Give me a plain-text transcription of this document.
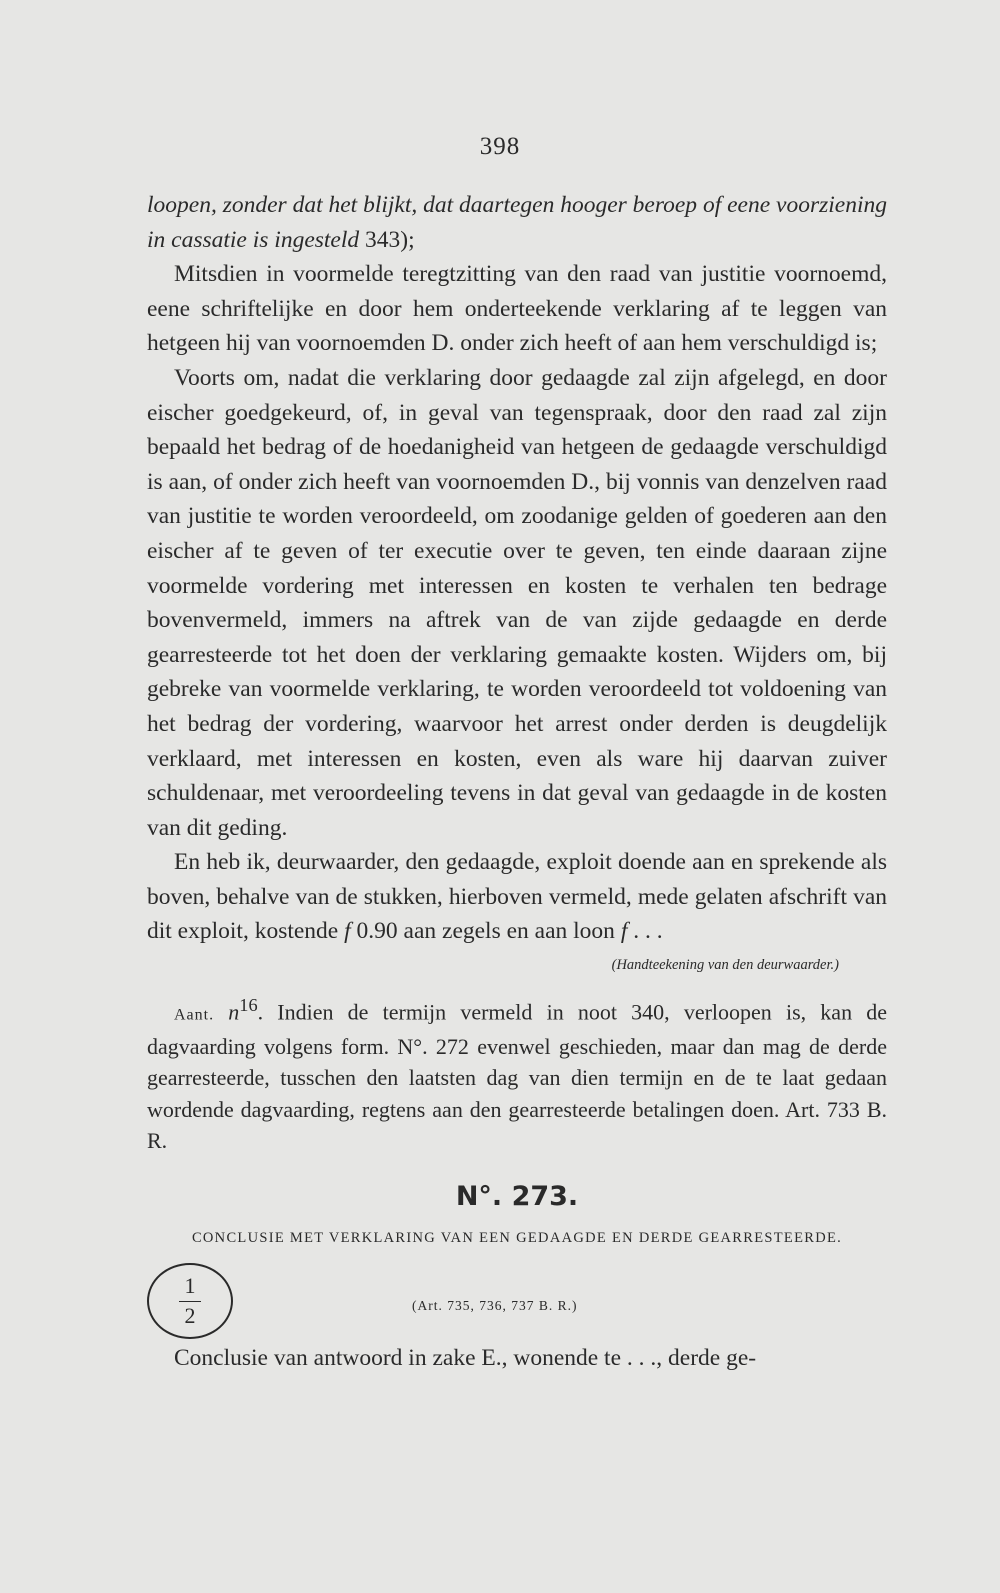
398

loopen, zonder dat het blijkt, dat daartegen hooger beroep of eene voorziening in cassatie is ingesteld 343);

Mitsdien in voormelde teregtzitting van den raad van justitie voornoemd, eene schriftelijke en door hem onderteekende verklaring af te leggen van hetgeen hij van voornoemden D. onder zich heeft of aan hem verschuldigd is;

Voorts om, nadat die verklaring door gedaagde zal zijn afgelegd, en door eischer goedgekeurd, of, in geval van tegenspraak, door den raad zal zijn bepaald het bedrag of de hoedanigheid van hetgeen de gedaagde verschuldigd is aan, of onder zich heeft van voornoemden D., bij vonnis van denzelven raad van justitie te worden veroordeeld, om zoodanige gelden of goederen aan den eischer af te geven of ter executie over te geven, ten einde daaraan zijne voormelde vordering met interessen en kosten te verhalen ten bedrage bovenvermeld, immers na aftrek van de van zijde gedaagde en derde gearresteerde tot het doen der verklaring gemaakte kosten. Wijders om, bij gebreke van voormelde verklaring, te worden veroordeeld tot voldoening van het bedrag der vordering, waarvoor het arrest onder derden is deugdelijk verklaard, met interessen en kosten, even als ware hij daarvan zuiver schuldenaar, met veroordeeling tevens in dat geval van gedaagde in de kosten van dit geding.

En heb ik, deurwaarder, den gedaagde, exploit doende aan en sprekende als boven, behalve van de stukken, hierboven vermeld, mede gelaten afschrift van dit exploit, kostende f 0.90 aan zegels en aan loon f . . .

(Handteekening van den deurwaarder.)

Aant. $n^{16}$. Indien de termijn vermeld in noot 340, verloopen is, kan de dagvaarding volgens form. N°. 272 evenwel geschieden, maar dan mag de derde gearresteerde, tusschen den laatsten dag van dien termijn en de te laat gedaan wordende dagvaarding, regtens aan den gearresteerde betalingen doen. Art. 733 B. R.

N°. 273.
CONCLUSIE MET VERKLARING VAN EEN GEDAAGDE EN DERDE GEARRESTEERDE.
1
2	(Art. 735, 736, 737 B. R.)

Conclusie van antwoord in zake E., wonende te . . ., derde ge-
